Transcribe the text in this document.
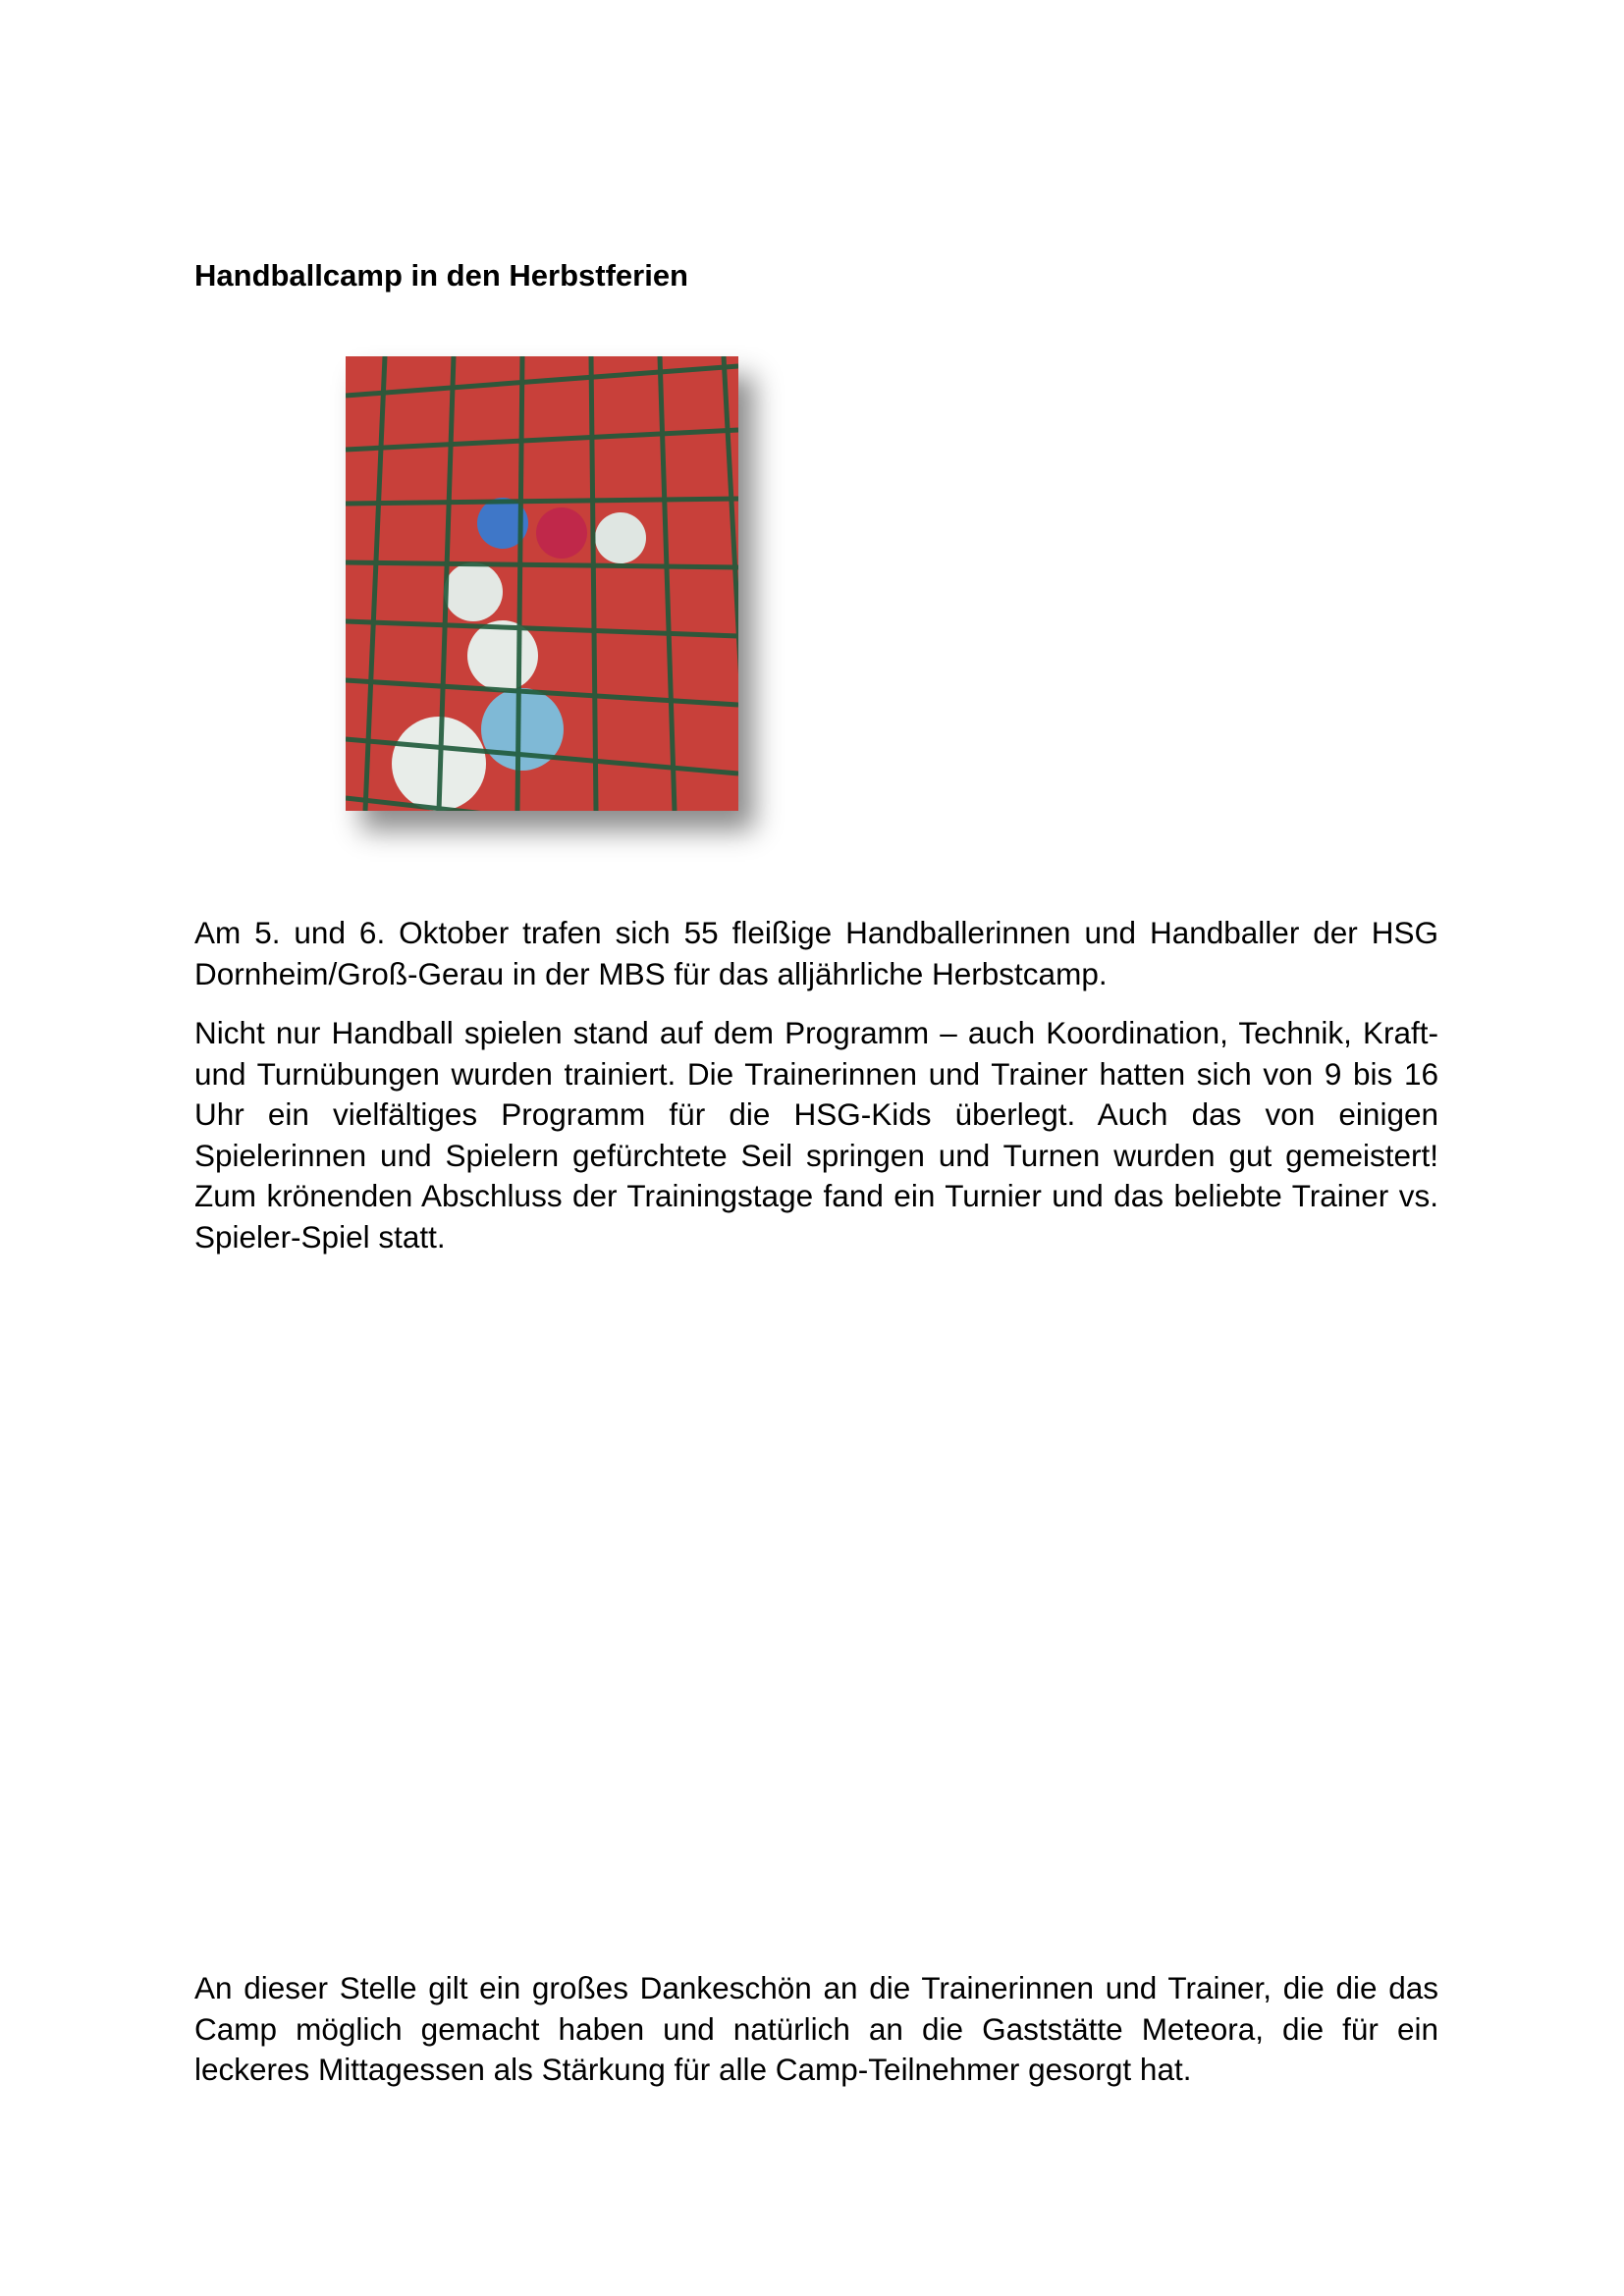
Handballcamp in den Herbstferien

Am 5. und 6. Oktober trafen sich 55 fleißige Handballerinnen und Handballer der HSG Dornheim/Groß-Gerau in der MBS für das alljährliche Herbstcamp.

Nicht nur Handball spielen stand auf dem Programm – auch Koordination, Technik, Kraft- und Turnübungen wurden trainiert. Die Trainerinnen und Trainer hatten sich von 9 bis 16 Uhr ein vielfältiges Programm für die HSG-Kids überlegt. Auch das von einigen Spielerinnen und Spielern gefürchtete Seil springen und Turnen wurden gut gemeistert! Zum krönenden Abschluss der Trainingstage fand ein Turnier und das beliebte Trainer vs. Spieler-Spiel statt.

An dieser Stelle gilt ein großes Dankeschön an die Trainerinnen und Trainer, die die das Camp möglich gemacht haben und natürlich an die Gaststätte Meteora, die für ein leckeres Mittagessen als Stärkung für alle Camp-Teilnehmer gesorgt hat.
